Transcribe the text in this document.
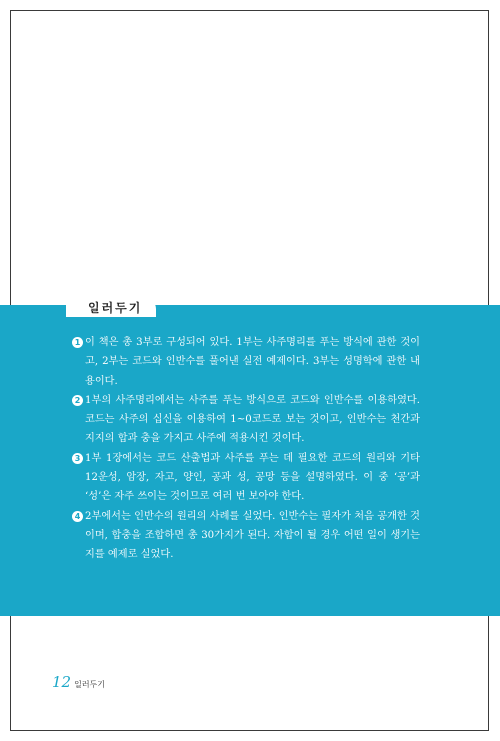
일러두기
1 이 책은 총 3부로 구성되어 있다. 1부는 사주명리를 푸는 방식에 관한 것이고, 2부는 코드와 인반수를 풀어낸 실전 예제이다. 3부는 성명학에 관한 내용이다.
2 1부의 사주명리에서는 사주를 푸는 방식으로 코드와 인반수를 이용하였다. 코드는 사주의 십신을 이용하여 1~0코드로 보는 것이고, 인반수는 천간과 지지의 합과 충을 가지고 사주에 적용시킨 것이다.
3 1부 1장에서는 코드 산출법과 사주를 푸는 데 필요한 코드의 원리와 기타 12운성, 암장, 자고, 양인, 공과 성, 공망 등을 설명하였다. 이 중 ‘공’과 ‘성’은 자주 쓰이는 것이므로 여러 번 보아야 한다.
4 2부에서는 인반수의 원리의 사례를 실었다. 인반수는 필자가 처음 공개한 것이며, 합충을 조합하면 총 30가지가 된다. 자합이 될 경우 어떤 일이 생기는지를 예제로 실었다.
12 일러두기
